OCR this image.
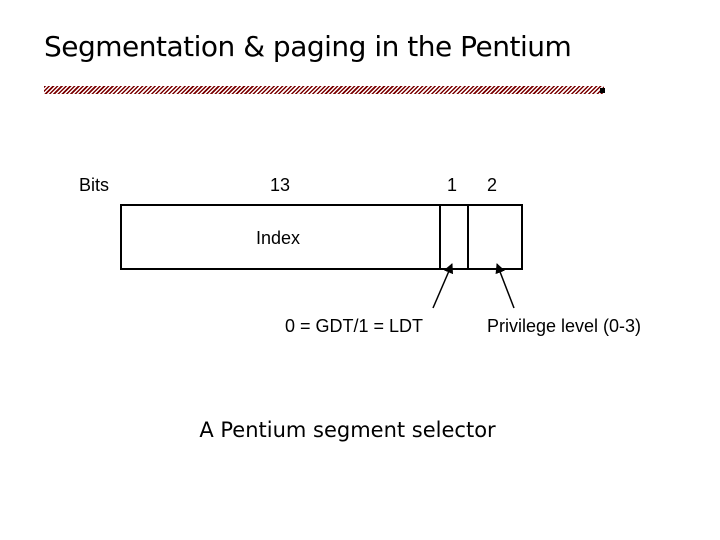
Segmentation & paging in the Pentium
Bits	13	1 2
Index
0 = GDT/1 = LDT	Privilege level (0-3)
A Pentium segment selector
